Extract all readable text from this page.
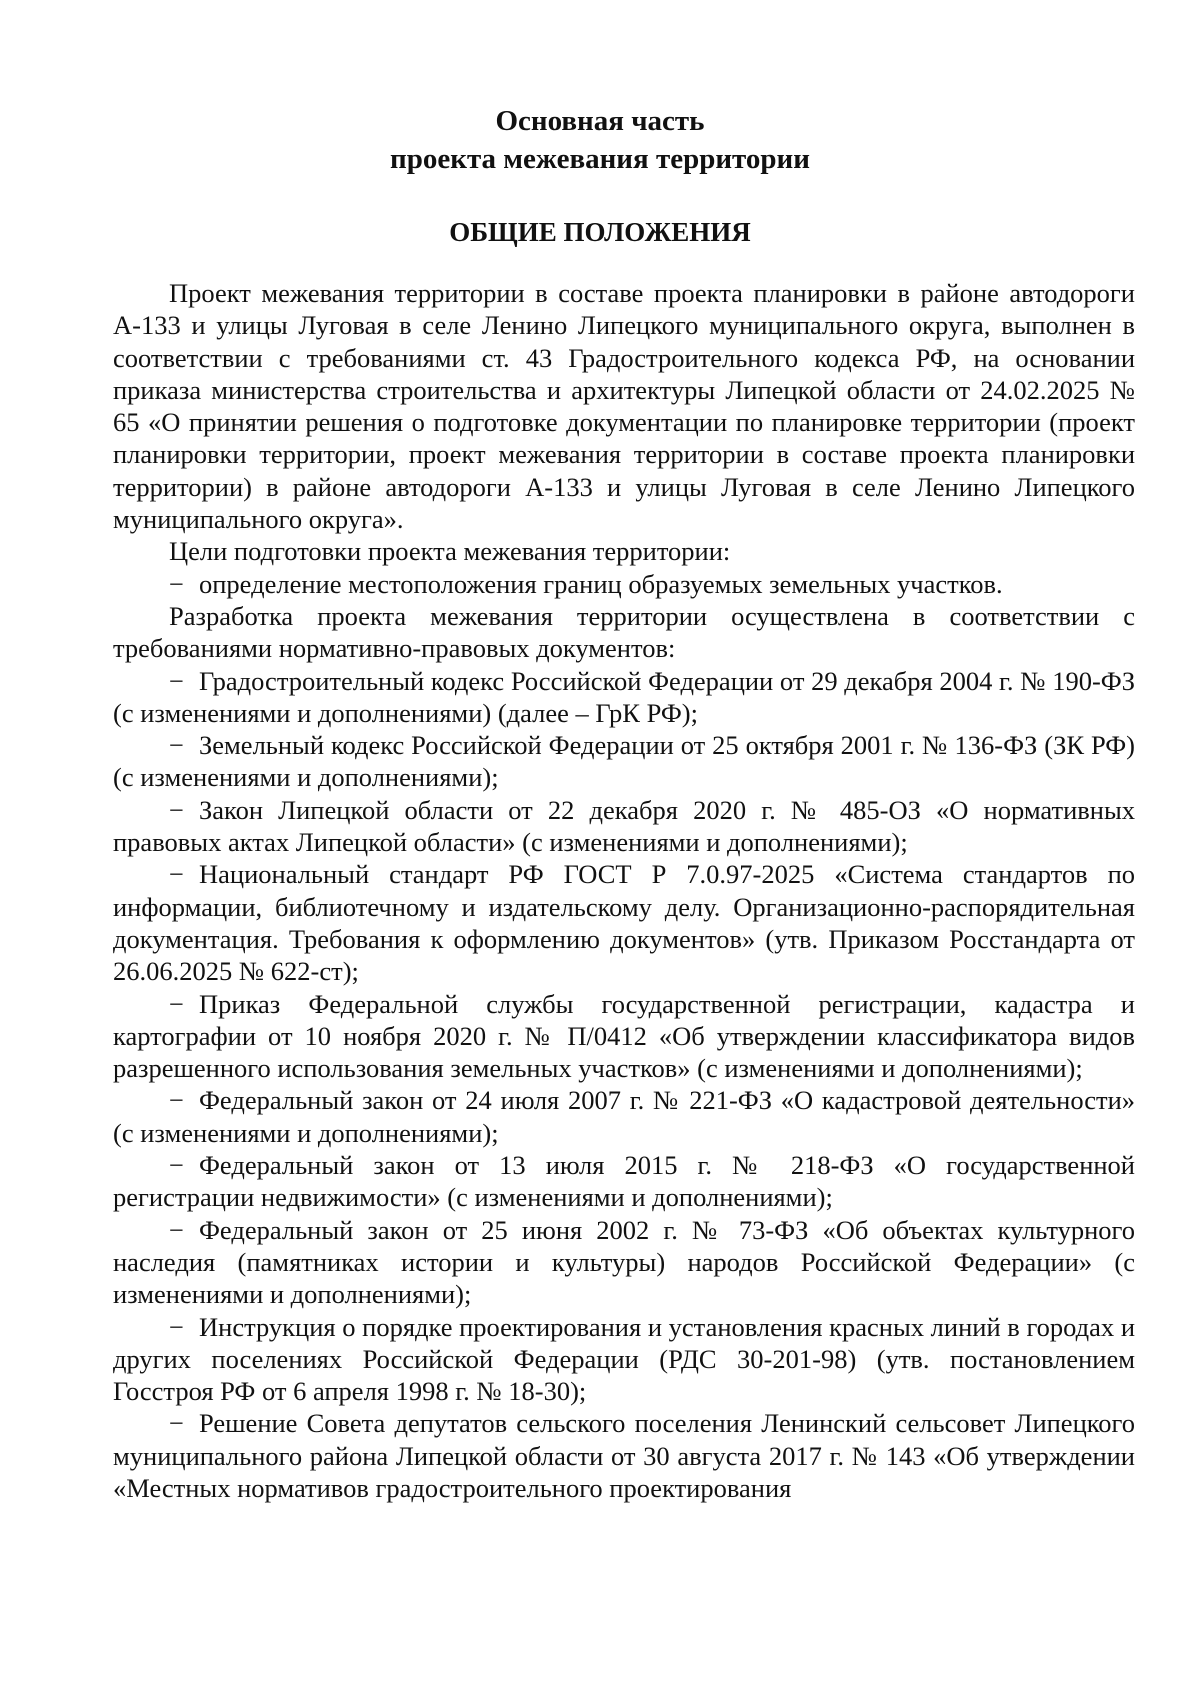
Основная часть

проекта межевания территории

ОБЩИЕ ПОЛОЖЕНИЯ

Проект межевания территории в составе проекта планировки в районе автодороги А-133 и улицы Луговая в селе Ленино Липецкого муниципального округа, выполнен в соответствии с требованиями ст. 43 Градостроительного кодекса РФ, на основании приказа министерства строительства и архитектуры Липецкой области от 24.02.2025 № 65 «О принятии решения о подготовке документации по планировке территории (проект планировки территории, проект межевания территории в составе проекта планировки территории) в районе автодороги А-133 и улицы Луговая в селе Ленино Липецкого муниципального округа».

Цели подготовки проекта межевания территории:

− определение местоположения границ образуемых земельных участков.

Разработка проекта межевания территории осуществлена в соответствии с требованиями нормативно-правовых документов:

− Градостроительный кодекс Российской Федерации от 29 декабря 2004 г. № 190-ФЗ (с изменениями и дополнениями) (далее – ГрК РФ);

− Земельный кодекс Российской Федерации от 25 октября 2001 г. № 136-ФЗ (ЗК РФ) (с изменениями и дополнениями);

− Закон Липецкой области от 22 декабря 2020 г. № 485-ОЗ «О нормативных правовых актах Липецкой области» (с изменениями и дополнениями);

− Национальный стандарт РФ ГОСТ Р 7.0.97-2025 «Система стандартов по информации, библиотечному и издательскому делу. Организационно-распорядительная документация. Требования к оформлению документов» (утв. Приказом Росстандарта от 26.06.2025 № 622-ст);

− Приказ Федеральной службы государственной регистрации, кадастра и картографии от 10 ноября 2020 г. № П/0412 «Об утверждении классификатора видов разрешенного использования земельных участков» (с изменениями и дополнениями);

− Федеральный закон от 24 июля 2007 г. № 221-ФЗ «О кадастровой деятельности» (с изменениями и дополнениями);

− Федеральный закон от 13 июля 2015 г. № 218-ФЗ «О государственной регистрации недвижимости» (с изменениями и дополнениями);

− Федеральный закон от 25 июня 2002 г. № 73-ФЗ «Об объектах культурного наследия (памятниках истории и культуры) народов Российской Федерации» (с изменениями и дополнениями);

− Инструкция о порядке проектирования и установления красных линий в городах и других поселениях Российской Федерации (РДС 30-201-98) (утв. постановлением Госстроя РФ от 6 апреля 1998 г. № 18-30);

− Решение Совета депутатов сельского поселения Ленинский сельсовет Липецкого муниципального района Липецкой области от 30 августа 2017 г. № 143 «Об утверждении «Местных нормативов градостроительного проектирования
